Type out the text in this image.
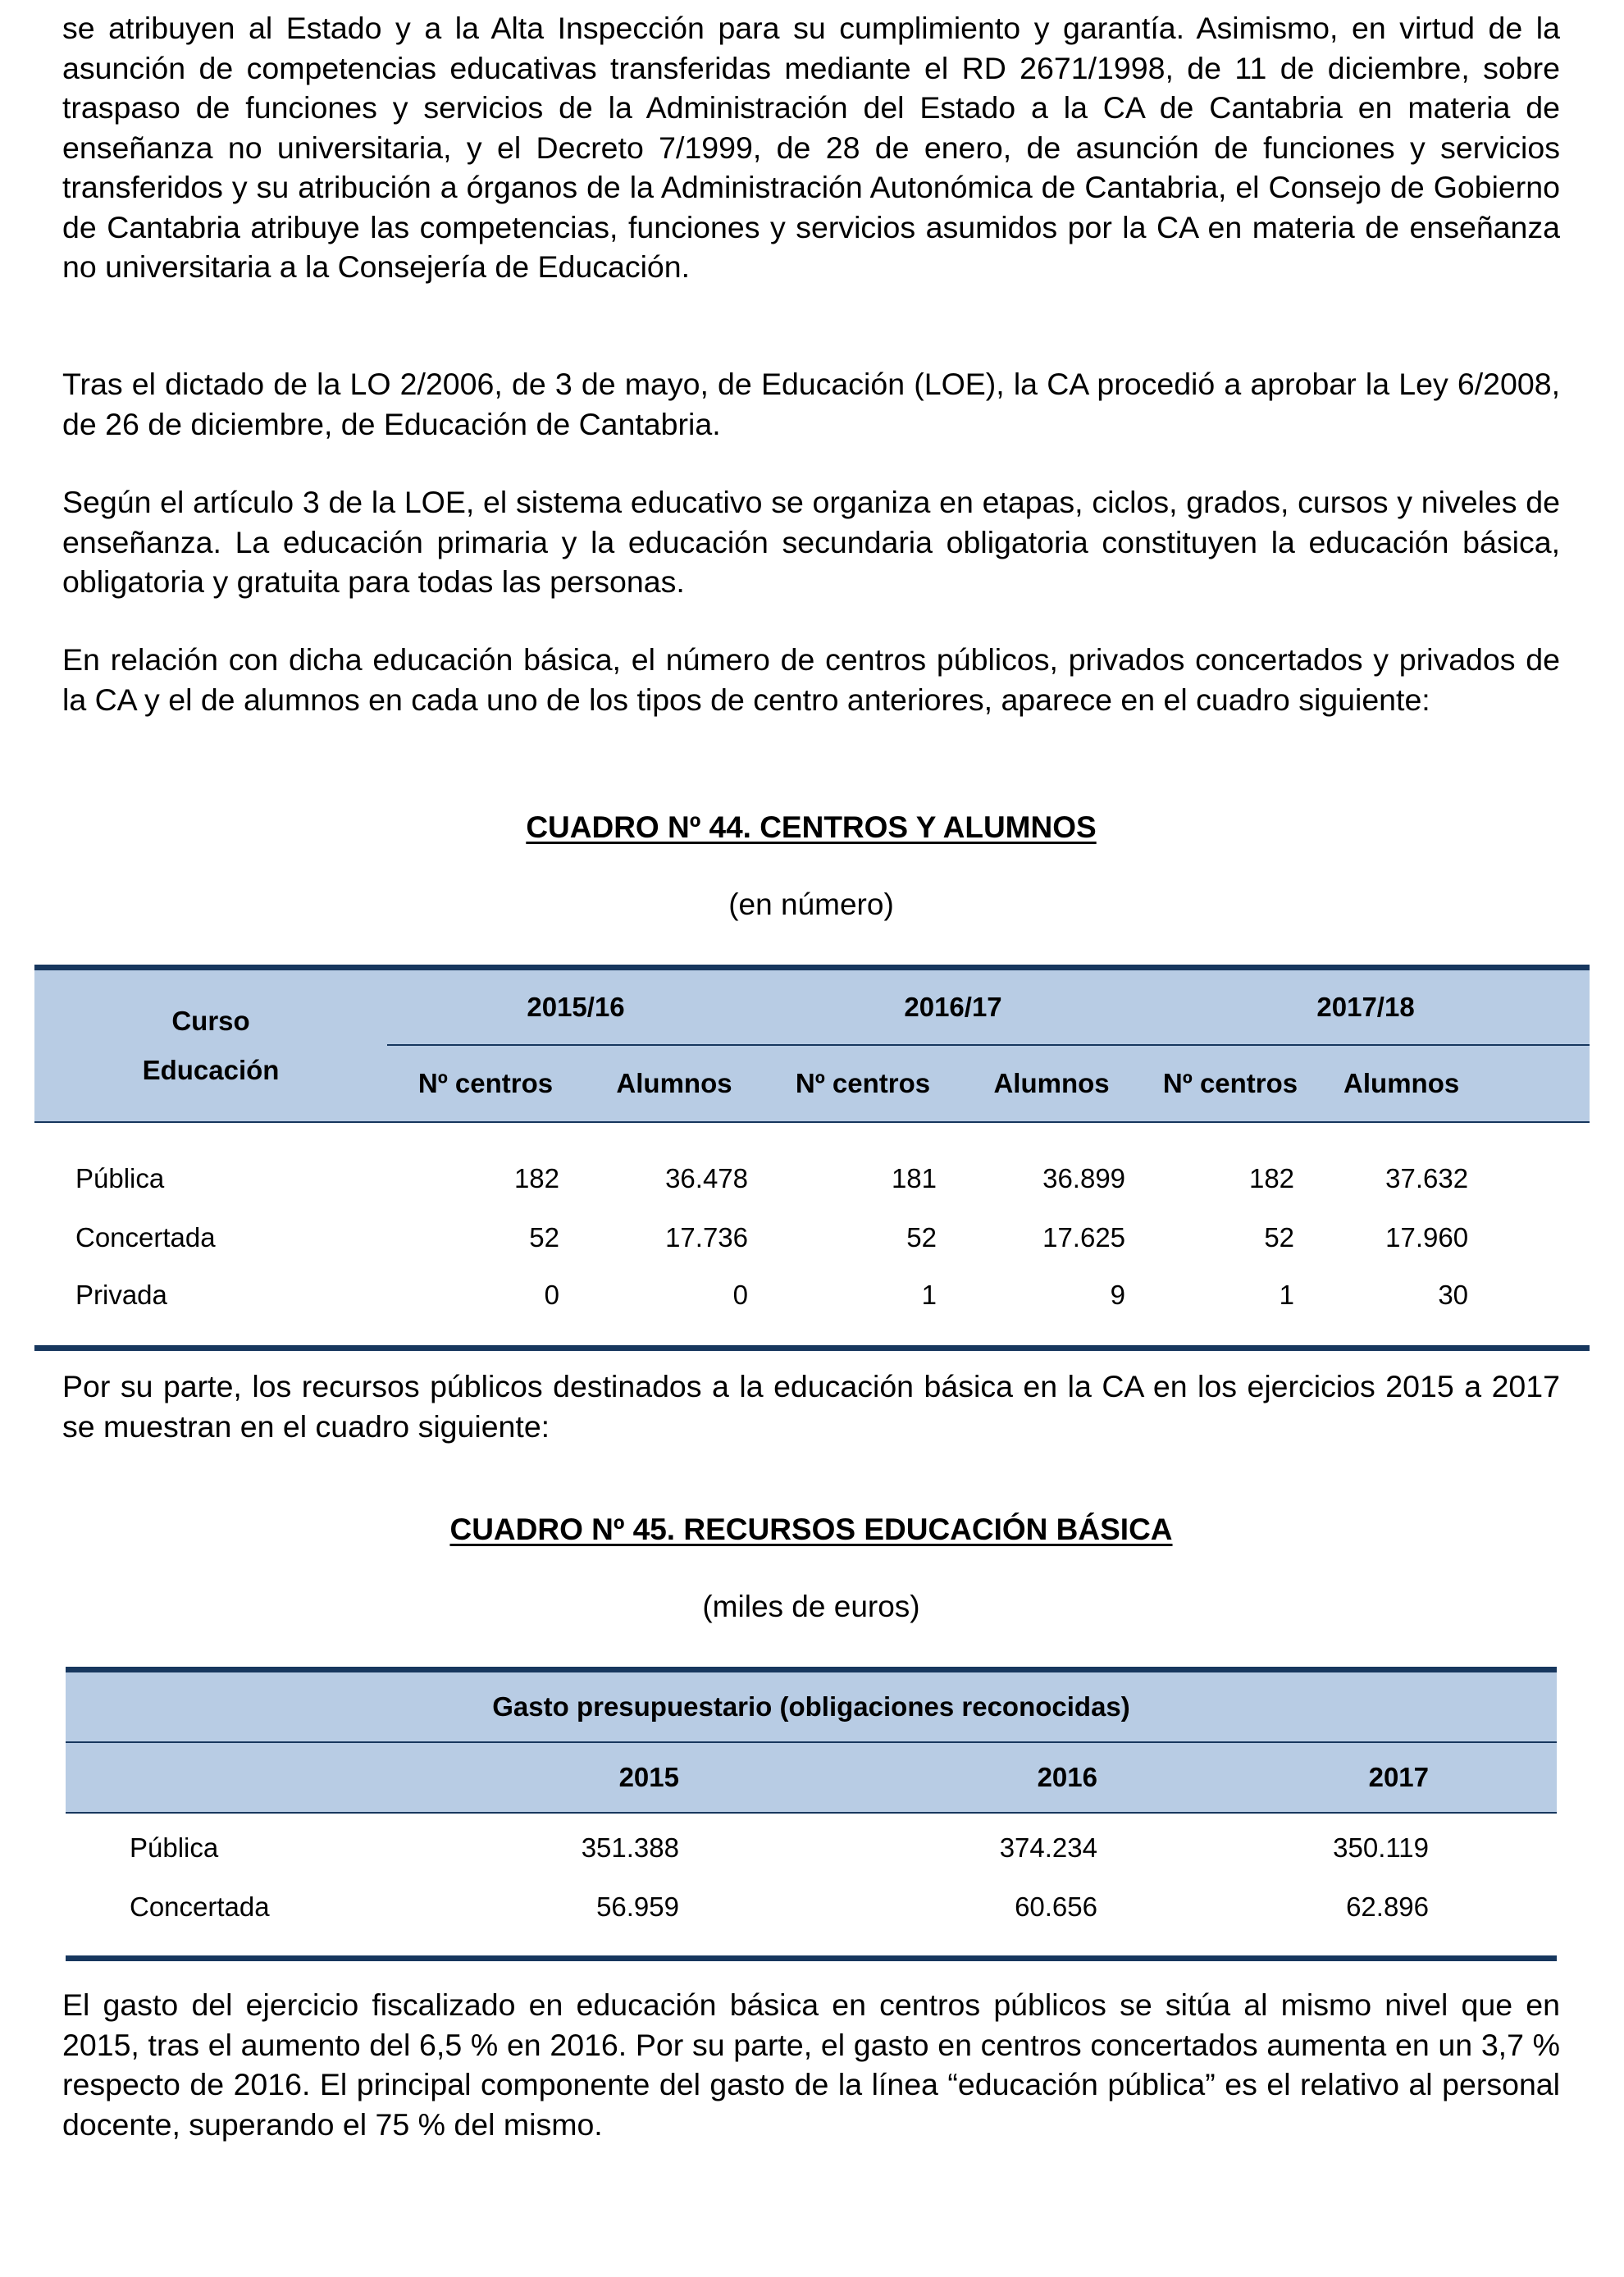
se atribuyen al Estado y a la Alta Inspección para su cumplimiento y garantía. Asimismo, en virtud de la asunción de competencias educativas transferidas mediante el RD 2671/1998, de 11 de diciembre, sobre traspaso de funciones y servicios de la Administración del Estado a la CA de Cantabria en materia de enseñanza no universitaria, y el Decreto 7/1999, de 28 de enero, de asunción de funciones y servicios transferidos y su atribución a órganos de la Administración Autonómica de Cantabria, el Consejo de Gobierno de Cantabria atribuye las competencias, funciones y servicios asumidos por la CA en materia de enseñanza no universitaria a la Consejería de Educación.

Tras el dictado de la LO 2/2006, de 3 de mayo, de Educación (LOE), la CA procedió a aprobar la Ley 6/2008, de 26 de diciembre, de Educación de Cantabria.

Según el artículo 3 de la LOE, el sistema educativo se organiza en etapas, ciclos, grados, cursos y niveles de enseñanza. La educación primaria y la educación secundaria obligatoria constituyen la educación básica, obligatoria y gratuita para todas las personas.

En relación con dicha educación básica, el número de centros públicos, privados concertados y privados de la CA y el de alumnos en cada uno de los tipos de centro anteriores, aparece en el cuadro siguiente:

CUADRO Nº 44. CENTROS Y ALUMNOS

(en número)

Curso
Educación	2015/16		2016/17		2017/18	
	Nº centros	Alumnos	Nº centros	Alumnos	Nº centros	Alumnos
Pública	182	36.478	181	36.899	182	37.632
Concertada	52	17.736	52	17.625	52	17.960
Privada	0	0	1	9	1	30

Por su parte, los recursos públicos destinados a la educación básica en la CA en los ejercicios 2015 a 2017 se muestran en el cuadro siguiente:

CUADRO Nº 45. RECURSOS EDUCACIÓN BÁSICA

(miles de euros)

Gasto presupuestario (obligaciones reconocidas)			
	2015	2016	2017
Pública	351.388	374.234	350.119
Concertada	56.959	60.656	62.896

El gasto del ejercicio fiscalizado en educación básica en centros públicos se sitúa al mismo nivel que en 2015, tras el aumento del 6,5 % en 2016. Por su parte, el gasto en centros concertados aumenta en un 3,7 % respecto de 2016. El principal componente del gasto de la línea “educación pública” es el relativo al personal docente, superando el 75 % del mismo.
